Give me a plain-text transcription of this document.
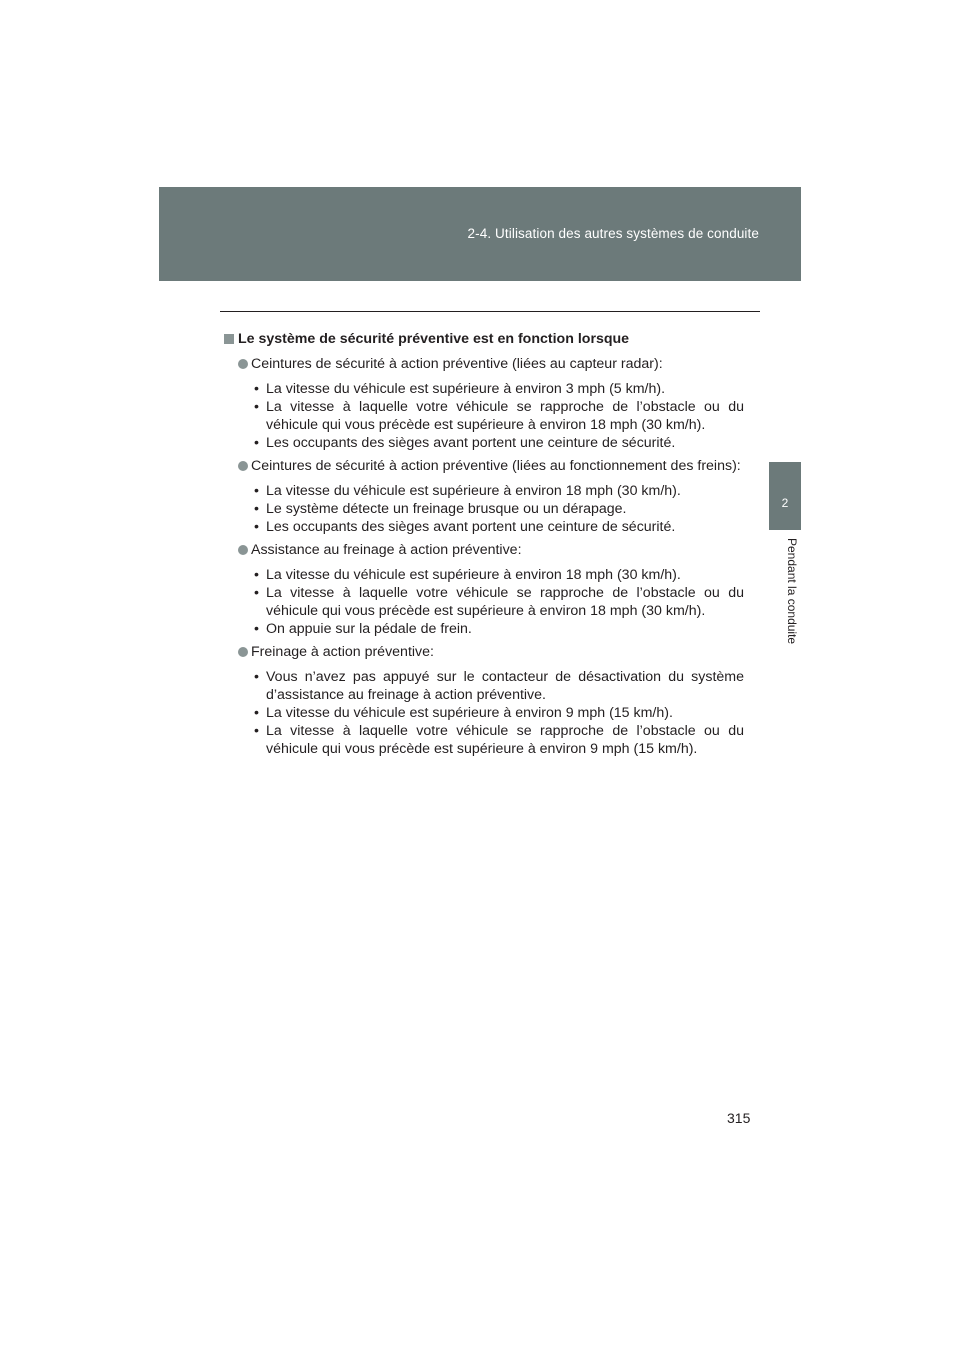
2-4. Utilisation des autres systèmes de conduite
2
Pendant la conduite
Le système de sécurité préventive est en fonction lorsque
Ceintures de sécurité à action préventive (liées au capteur radar):
• La vitesse du véhicule est supérieure à environ 3 mph (5 km/h).
• La vitesse à laquelle votre véhicule se rapproche de l’obstacle ou du véhicule qui vous précède est supérieure à environ 18 mph (30 km/h).
• Les occupants des sièges avant portent une ceinture de sécurité.
Ceintures de sécurité à action préventive (liées au fonctionnement des freins):
• La vitesse du véhicule est supérieure à environ 18 mph (30 km/h).
• Le système détecte un freinage brusque ou un dérapage.
• Les occupants des sièges avant portent une ceinture de sécurité.
Assistance au freinage à action préventive:
• La vitesse du véhicule est supérieure à environ 18 mph (30 km/h).
• La vitesse à laquelle votre véhicule se rapproche de l’obstacle ou du véhicule qui vous précède est supérieure à environ 18 mph (30 km/h).
• On appuie sur la pédale de frein.
Freinage à action préventive:
• Vous n’avez pas appuyé sur le contacteur de désactivation du système d’assistance au freinage à action préventive.
• La vitesse du véhicule est supérieure à environ 9 mph (15 km/h).
• La vitesse à laquelle votre véhicule se rapproche de l’obstacle ou du véhicule qui vous précède est supérieure à environ 9 mph (15 km/h).
315
